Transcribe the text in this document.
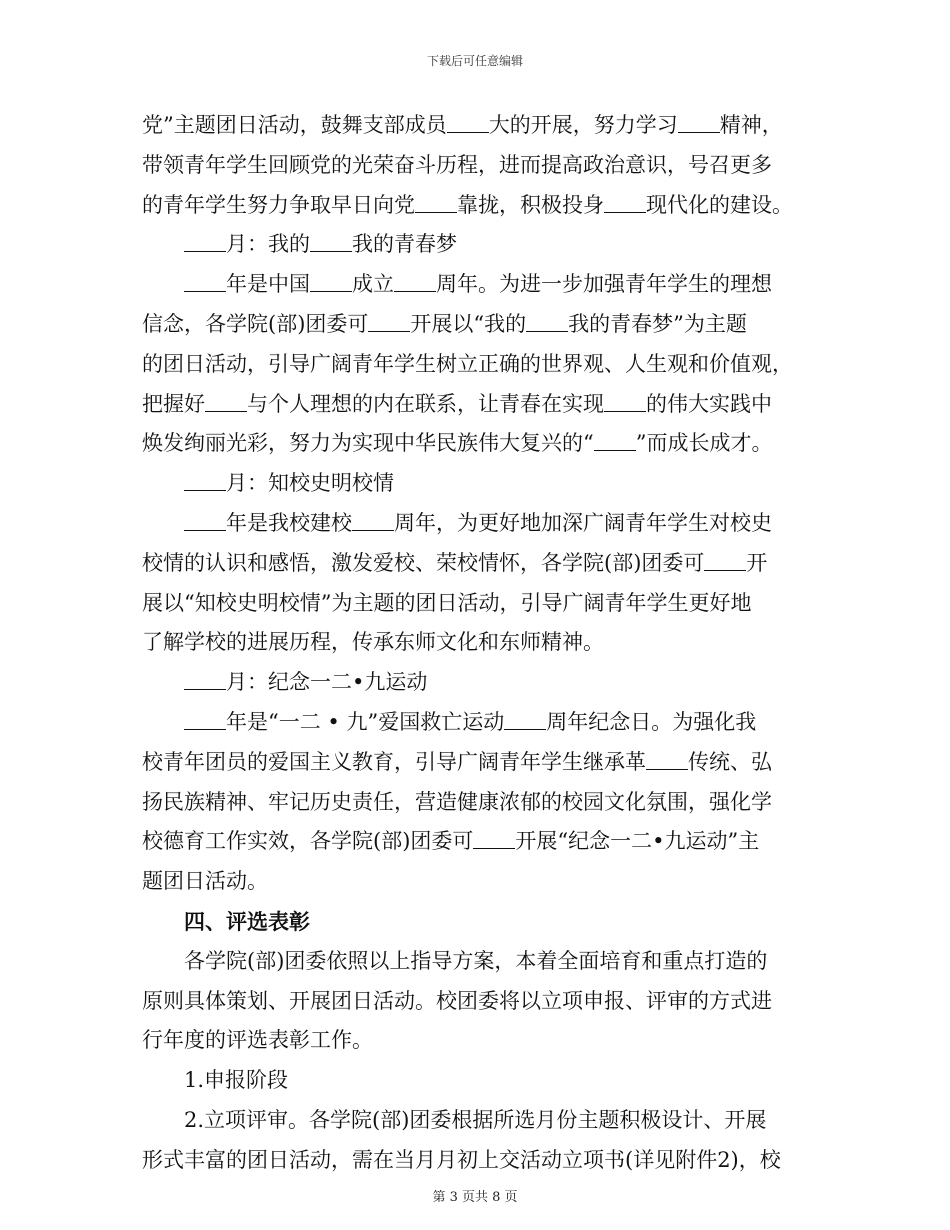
下载后可任意编辑
党”主题团日活动，鼓舞支部成员 大的开展，努力学习 精神，
带领青年学生回顾党的光荣奋斗历程，进而提高政治意识，号召更多
的青年学生努力争取早日向党 靠拢，积极投身 现代化的建设。
月：我的 我的青春梦
年是中国 成立 周年。为进一步加强青年学生的理想
信念，各学院(部)团委可 开展以“我的 我的青春梦”为主题
的团日活动，引导广阔青年学生树立正确的世界观、人生观和价值观，
把握好 与个人理想的内在联系，让青春在实现 的伟大实践中
焕发绚丽光彩，努力为实现中华民族伟大复兴的“ ”而成长成才。
月：知校史明校情
年是我校建校 周年，为更好地加深广阔青年学生对校史
校情的认识和感悟，激发爱校、荣校情怀，各学院(部)团委可 开
展以“知校史明校情”为主题的团日活动，引导广阔青年学生更好地
了解学校的进展历程，传承东师文化和东师精神。
月：纪念一二•九运动
年是“一二 • 九”爱国救亡运动 周年纪念日。为强化我
校青年团员的爱国主义教育，引导广阔青年学生继承革 传统、弘
扬民族精神、牢记历史责任，营造健康浓郁的校园文化氛围，强化学
校德育工作实效，各学院(部)团委可 开展“纪念一二•九运动”主
题团日活动。
四、评选表彰
各学院(部)团委依照以上指导方案，本着全面培育和重点打造的
原则具体策划、开展团日活动。校团委将以立项申报、评审的方式进
行年度的评选表彰工作。
1.申报阶段
2.立项评审。各学院(部)团委根据所选月份主题积极设计、开展
形式丰富的团日活动，需在当月月初上交活动立项书(详见附件2)，校
第 3 页共 8 页
